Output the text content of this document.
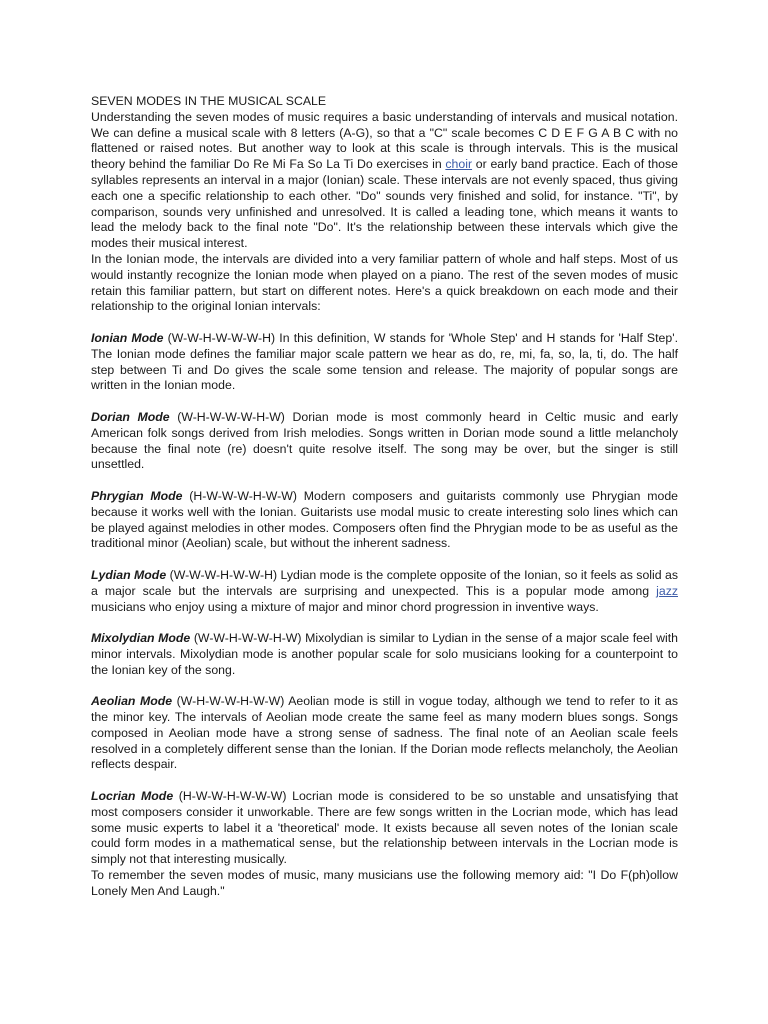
SEVEN MODES IN THE MUSICAL SCALE

Understanding the seven modes of music requires a basic understanding of intervals and musical notation. We can define a musical scale with 8 letters (A-G), so that a "C" scale becomes C D E F G A B C with no flattened or raised notes. But another way to look at this scale is through intervals. This is the musical theory behind the familiar Do Re Mi Fa So La Ti Do exercises in choir or early band practice. Each of those syllables represents an interval in a major (Ionian) scale. These intervals are not evenly spaced, thus giving each one a specific relationship to each other. "Do" sounds very finished and solid, for instance. "Ti", by comparison, sounds very unfinished and unresolved. It is called a leading tone, which means it wants to lead the melody back to the final note "Do". It's the relationship between these intervals which give the modes their musical interest.

In the Ionian mode, the intervals are divided into a very familiar pattern of whole and half steps. Most of us would instantly recognize the Ionian mode when played on a piano. The rest of the seven modes of music retain this familiar pattern, but start on different notes. Here's a quick breakdown on each mode and their relationship to the original Ionian intervals:

Ionian Mode (W-W-H-W-W-W-H) In this definition, W stands for 'Whole Step' and H stands for 'Half Step'. The Ionian mode defines the familiar major scale pattern we hear as do, re, mi, fa, so, la, ti, do. The half step between Ti and Do gives the scale some tension and release. The majority of popular songs are written in the Ionian mode.

Dorian Mode (W-H-W-W-W-H-W) Dorian mode is most commonly heard in Celtic music and early American folk songs derived from Irish melodies. Songs written in Dorian mode sound a little melancholy because the final note (re) doesn't quite resolve itself. The song may be over, but the singer is still unsettled.

Phrygian Mode (H-W-W-W-H-W-W) Modern composers and guitarists commonly use Phrygian mode because it works well with the Ionian. Guitarists use modal music to create interesting solo lines which can be played against melodies in other modes. Composers often find the Phrygian mode to be as useful as the traditional minor (Aeolian) scale, but without the inherent sadness.

Lydian Mode (W-W-W-H-W-W-H) Lydian mode is the complete opposite of the Ionian, so it feels as solid as a major scale but the intervals are surprising and unexpected. This is a popular mode among jazz musicians who enjoy using a mixture of major and minor chord progression in inventive ways.

Mixolydian Mode (W-W-H-W-W-H-W) Mixolydian is similar to Lydian in the sense of a major scale feel with minor intervals. Mixolydian mode is another popular scale for solo musicians looking for a counterpoint to the Ionian key of the song.

Aeolian Mode (W-H-W-W-H-W-W) Aeolian mode is still in vogue today, although we tend to refer to it as the minor key. The intervals of Aeolian mode create the same feel as many modern blues songs. Songs composed in Aeolian mode have a strong sense of sadness. The final note of an Aeolian scale feels resolved in a completely different sense than the Ionian. If the Dorian mode reflects melancholy, the Aeolian reflects despair.

Locrian Mode (H-W-W-H-W-W-W) Locrian mode is considered to be so unstable and unsatisfying that most composers consider it unworkable. There are few songs written in the Locrian mode, which has lead some music experts to label it a 'theoretical' mode. It exists because all seven notes of the Ionian scale could form modes in a mathematical sense, but the relationship between intervals in the Locrian mode is simply not that interesting musically.

To remember the seven modes of music, many musicians use the following memory aid: "I Do F(ph)ollow Lonely Men And Laugh."
